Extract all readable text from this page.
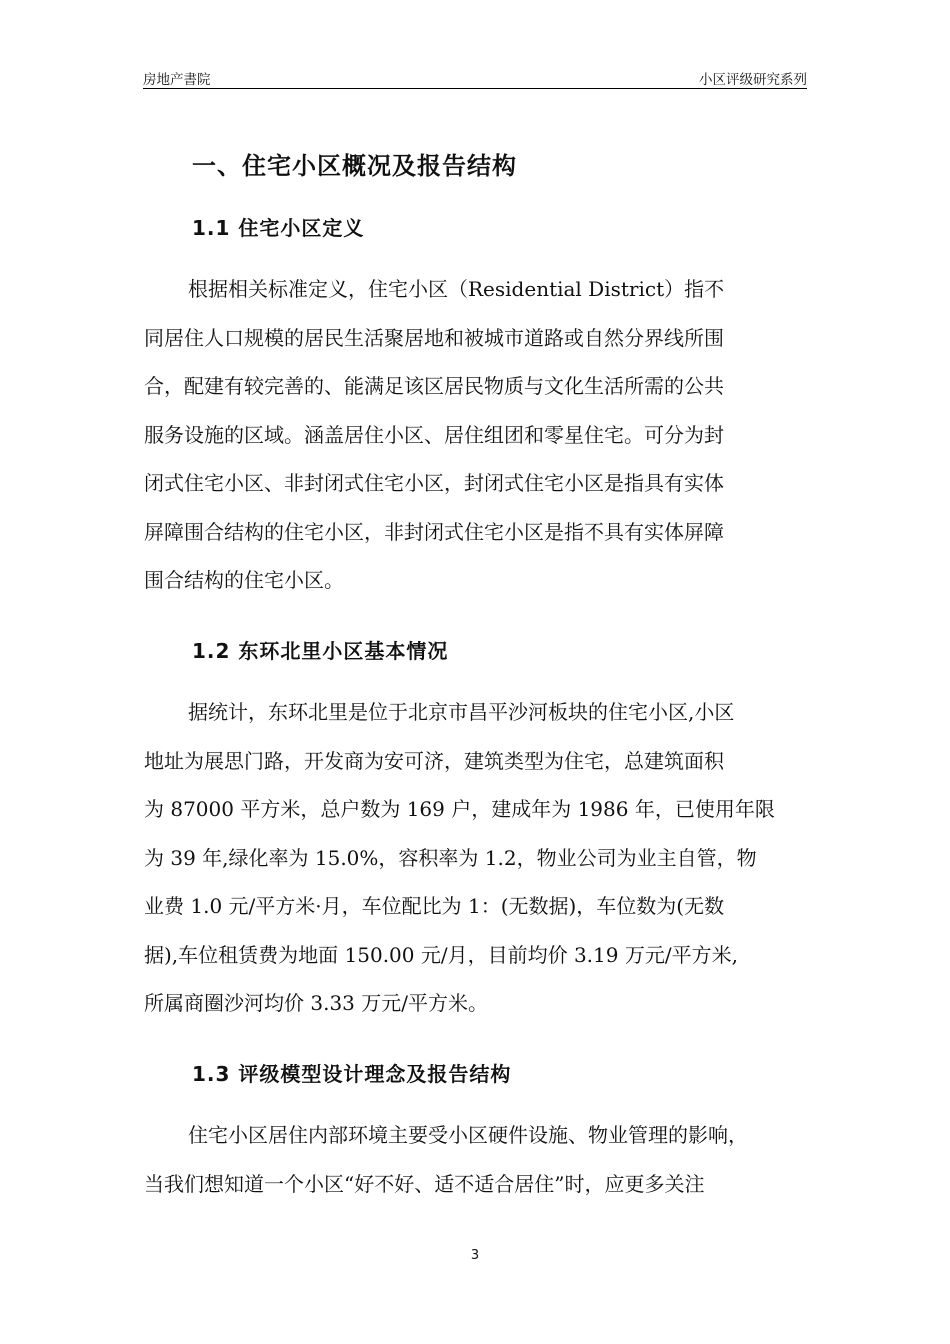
房地产書院	小区评级研究系列
一、住宅小区概况及报告结构
1.1 住宅小区定义
根据相关标准定义，住宅小区（Residential District）指不
同居住人口规模的居民生活聚居地和被城市道路或自然分界线所围
合，配建有较完善的、能满足该区居民物质与文化生活所需的公共
服务设施的区域。涵盖居住小区、居住组团和零星住宅。可分为封
闭式住宅小区、非封闭式住宅小区，封闭式住宅小区是指具有实体
屏障围合结构的住宅小区，非封闭式住宅小区是指不具有实体屏障
围合结构的住宅小区。
1.2 东环北里小区基本情况
据统计，东环北里是位于北京市昌平沙河板块的住宅小区,小区
地址为展思门路，开发商为安可济，建筑类型为住宅，总建筑面积
为 87000 平方米，总户数为 169 户，建成年为 1986 年，已使用年限
为 39 年,绿化率为 15.0%，容积率为 1.2，物业公司为业主自管，物
业费 1.0 元/平方米·月，车位配比为 1：(无数据)，车位数为(无数
据),车位租赁费为地面 150.00 元/月，目前均价 3.19 万元/平方米,
所属商圈沙河均价 3.33 万元/平方米。
1.3 评级模型设计理念及报告结构
住宅小区居住内部环境主要受小区硬件设施、物业管理的影响，
当我们想知道一个小区“好不好、适不适合居住”时，应更多关注
3
